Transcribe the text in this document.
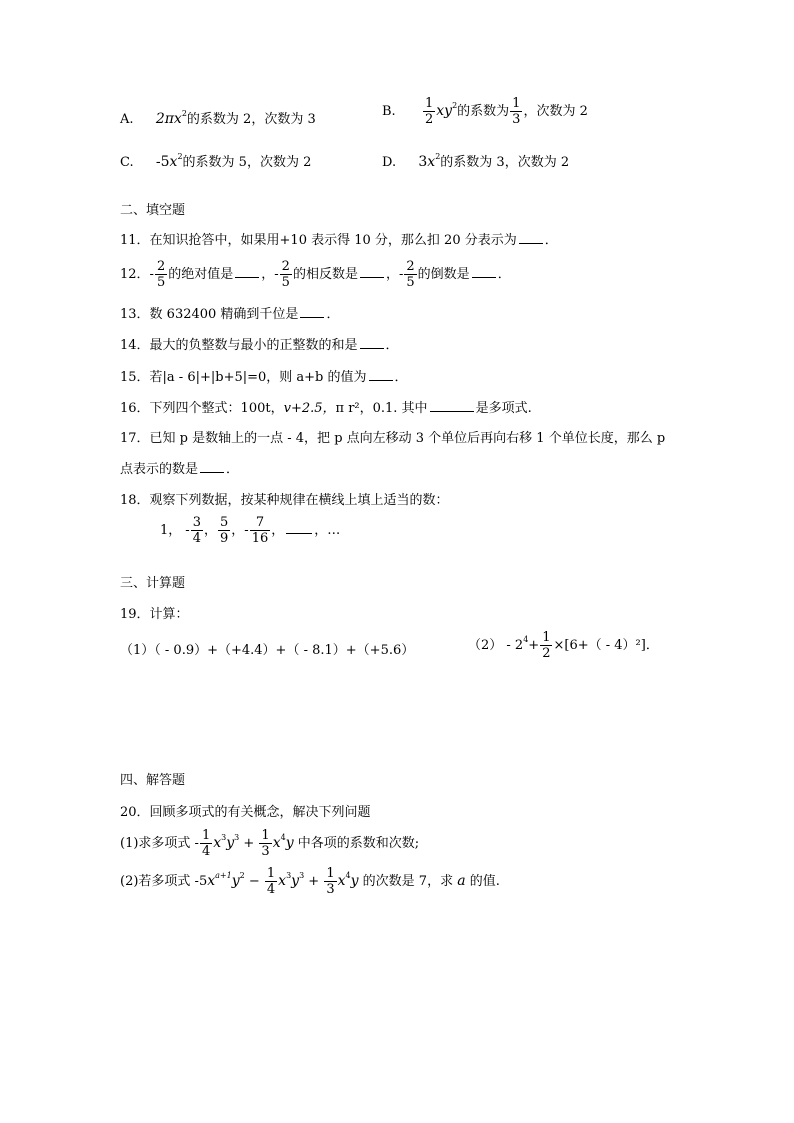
A. $2\pi x^2$的系数为 2，次数为 3
B. $\frac{1}{2} xy^2$的系数为 $\frac{1}{3}$ ，次数为 2
C. $-5x^2$的系数为 5，次数为 2	D. $3x^2$的系数为 3，次数为 2
二、填空题
11．在知识抢答中，如果用+10 表示得 10 分，那么扣 20 分表示为 ．
12．- $\frac{2}{5}$ 的绝对值是 ，- $\frac{2}{5}$ 的相反数是 ，- $\frac{2}{5}$ 的倒数是 ．
13．数 632400 精确到千位是 ．
14．最大的负整数与最小的正整数的和是 ．
15．若|a - 6|+|b+5|=0，则 a+b 的值为 ．
16．下列四个整式：100t，v+2.5，π r²，0.1. 其中	是多项式.
17．已知 p 是数轴上的一点 - 4，把 p 点向左移动 3 个单位后再向右移 1 个单位长度，那么 p
点表示的数是 ．
18．观察下列数据，按某种规律在横线上填上适当的数：
1， - $\frac{3}{4}$ ， $\frac{5}{9}$ ，- $\frac{7}{16}$ ， ，…
三、计算题
19．计算：
（1）（ - 0.9）+（+4.4）+（ - 8.1）+（+5.6）	$(2) - 2^4+ \frac{1}{2} \times[6+( - 4)^2]$．
四、解答题
20．回顾多项式的有关概念，解决下列问题
(1)求多项式 - $\frac{1}{4} x^3y^3 + \frac{1}{3} x^4y$ 中各项的系数和次数;
(2)若多项式 $-5x^{a+1}y^2 - \frac{1}{4} x^3y^3 + \frac{1}{3} x^4y$ 的次数是 7，求 a 的值.
